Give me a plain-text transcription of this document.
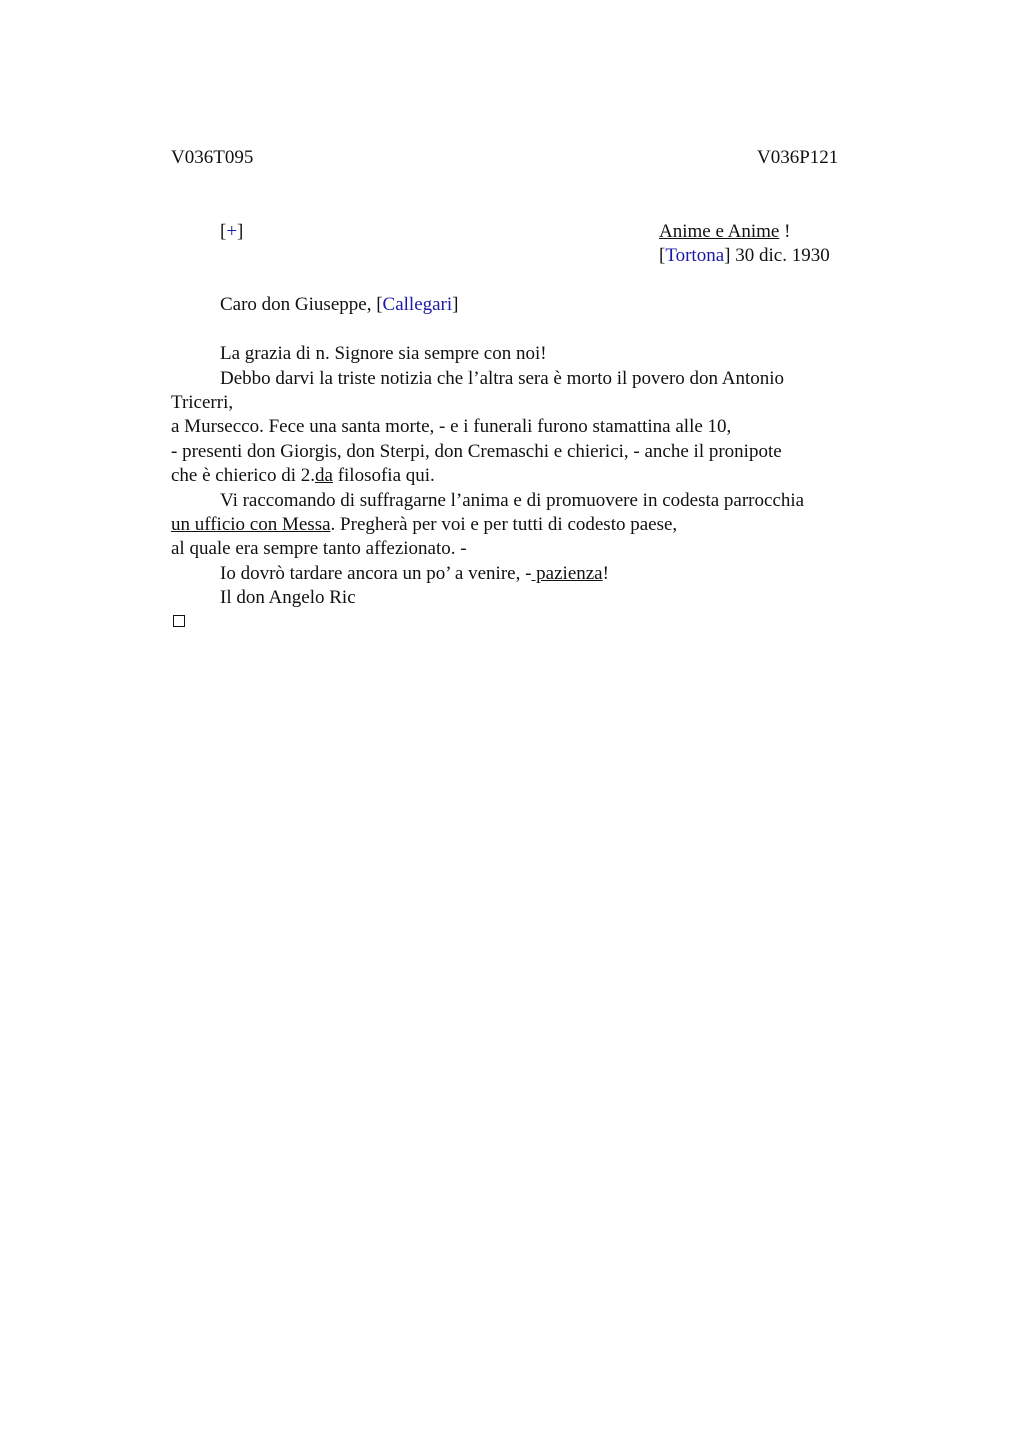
V036T095	V036P121
[+]	Anime e Anime !
[Tortona] 30 dic. 1930
Caro don Giuseppe, [Callegari]
La grazia di n. Signore sia sempre con noi!
Debbo darvi la triste notizia che l’altra sera è morto il povero don Antonio
Tricerri,
a Mursecco. Fece una santa morte, - e i funerali furono stamattina alle 10,
- presenti don Giorgis, don Sterpi, don Cremaschi e chierici, - anche il pronipote
che è chierico di 2.da filosofia qui.
Vi raccomando di suffragarne l’anima e di promuovere in codesta parrocchia
un ufficio con Messa. Pregherà per voi e per tutti di codesto paese,
al quale era sempre tanto affezionato. -
Io dovrò tardare ancora un po’ a venire, - pazienza!
Il don Angelo Ric
